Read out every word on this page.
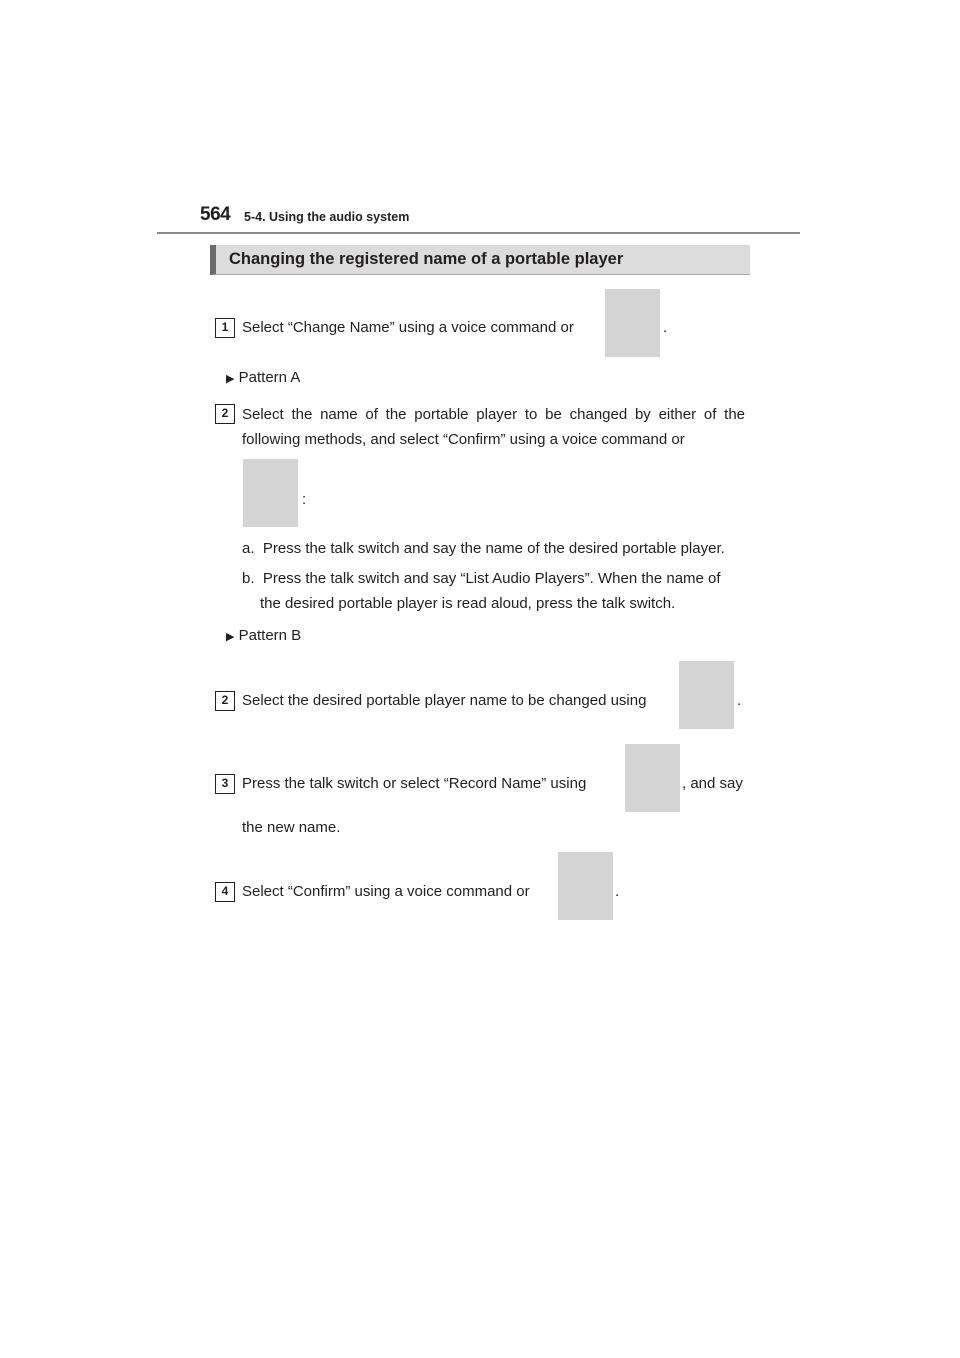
564 5-4. Using the audio system
Changing the registered name of a portable player
1 Select “Change Name” using a voice command or	.
▶ Pattern A
2 Select the name of the portable player to be changed by either of the following methods, and select “Confirm” using a voice command or
:
a. Press the talk switch and say the name of the desired portable player.
b. Press the talk switch and say “List Audio Players”. When the name of
the desired portable player is read aloud, press the talk switch.
▶ Pattern B
2 Select the desired portable player name to be changed using	.
3 Press the talk switch or select “Record Name” using	, and say
the new name.
4 Select “Confirm” using a voice command or	.
